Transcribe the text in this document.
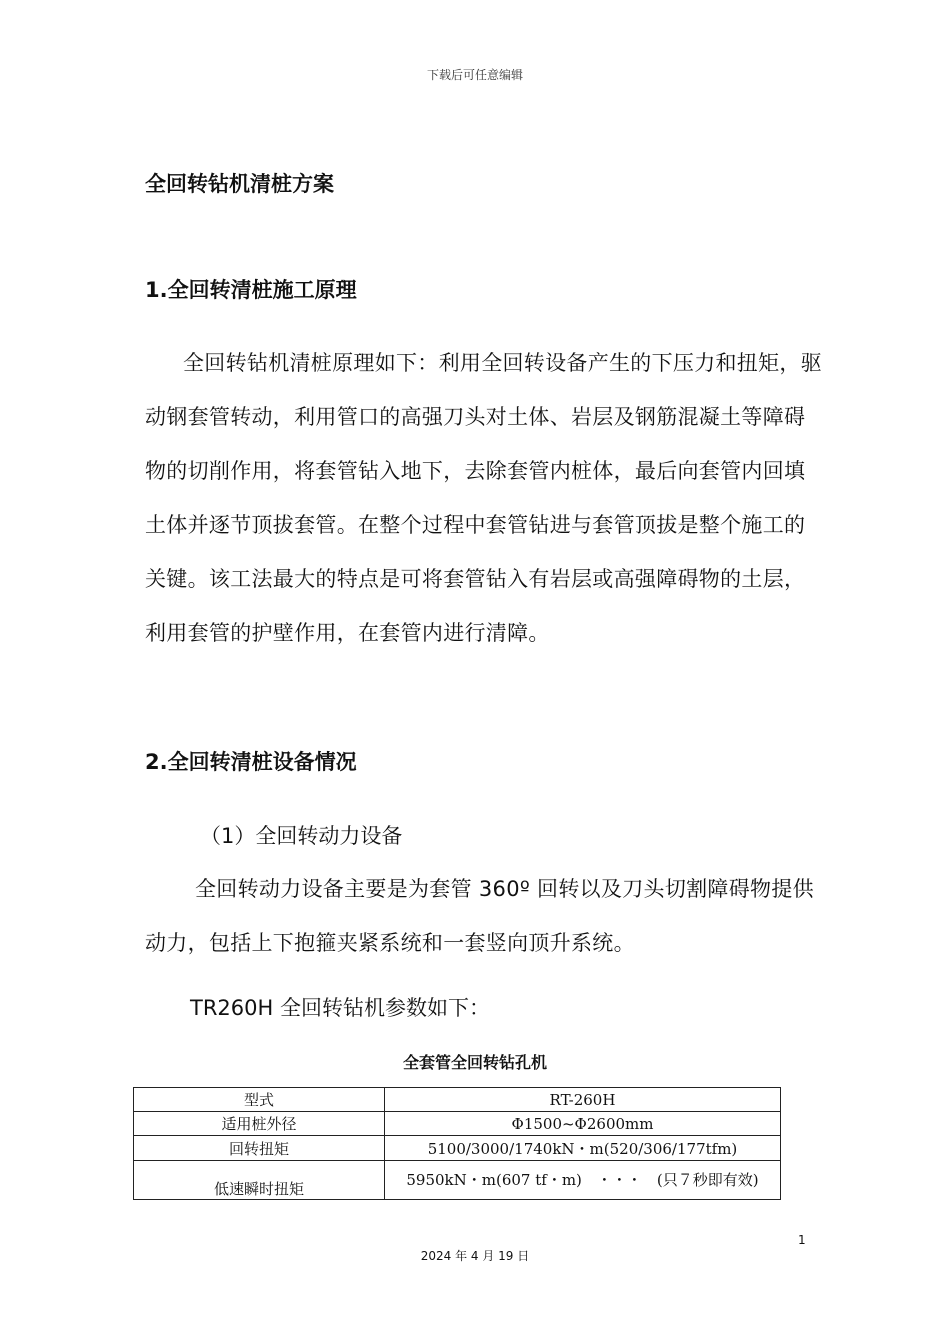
下载后可任意编辑
全回转钻机清桩方案
1.全回转清桩施工原理
全回转钻机清桩原理如下：利用全回转设备产生的下压力和扭矩，驱动钢套管转动，利用管口的高强刀头对土体、岩层及钢筋混凝土等障碍物的切削作用，将套管钻入地下，去除套管内桩体，最后向套管内回填土体并逐节顶拔套管。在整个过程中套管钻进与套管顶拔是整个施工的关键。该工法最大的特点是可将套管钻入有岩层或高强障碍物的土层，利用套管的护壁作用，在套管内进行清障。
2.全回转清桩设备情况
（1）全回转动力设备
全回转动力设备主要是为套管 360º 回转以及刀头切割障碍物提供动力，包括上下抱箍夹紧系统和一套竖向顶升系统。
TR260H 全回转钻机参数如下：
全套管全回转钻孔机
型式	RT-260H
适用桩外径	Φ1500~Φ2600mm
回转扭矩	5100/3000/1740kN・m(520/306/177tfm)
低速瞬时扭矩	5950kN・m(607 tf・m)　・・・　(只７秒即有效)
1
2024 年 4 月 19 日
